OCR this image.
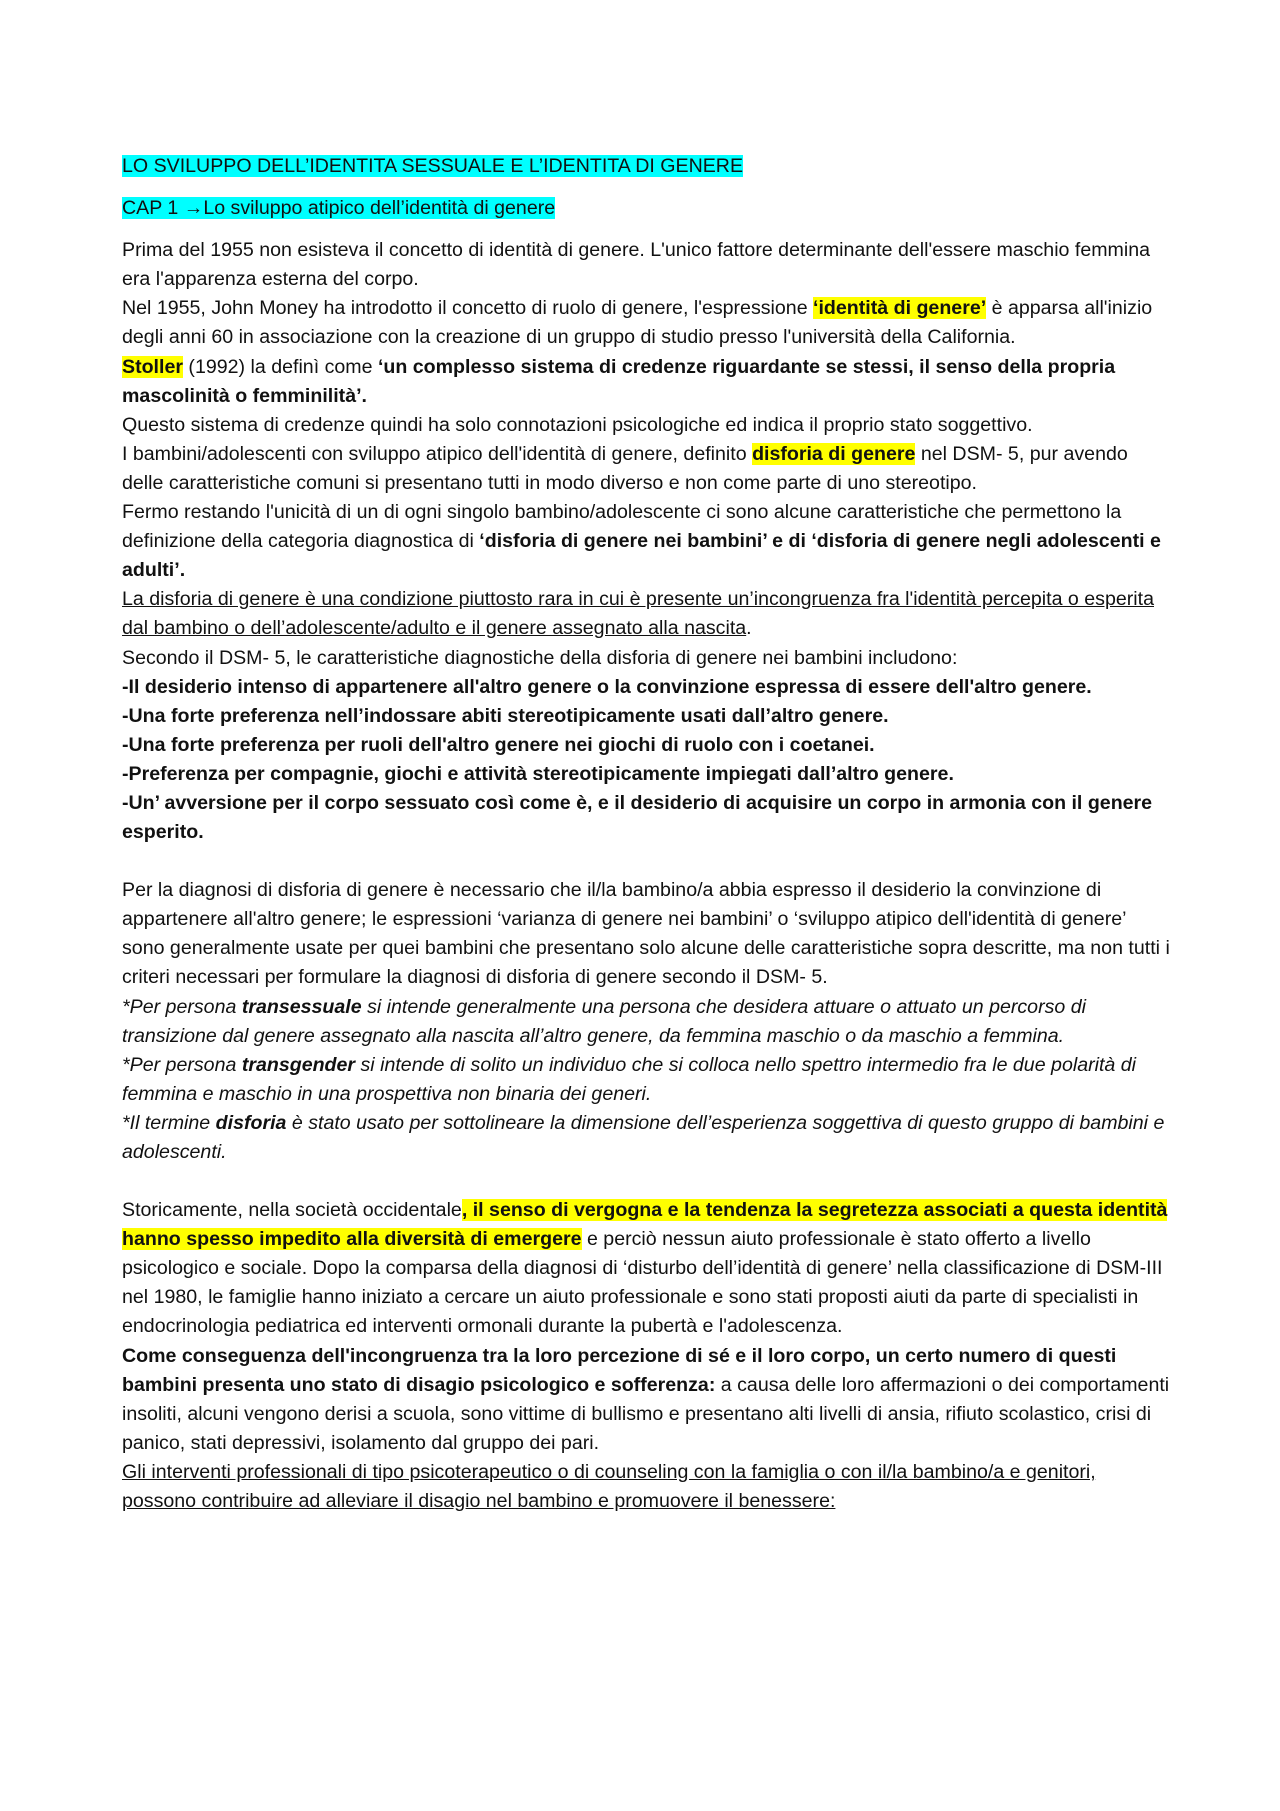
LO SVILUPPO DELL’IDENTITA SESSUALE E L’IDENTITA DI GENERE

CAP 1 →Lo sviluppo atipico dell’identità di genere

Prima del 1955 non esisteva il concetto di identità di genere. L'unico fattore determinante dell'essere maschio femmina era l'apparenza esterna del corpo.

Nel 1955, John Money ha introdotto il concetto di ruolo di genere, l'espressione ‘identità di genere’ è apparsa all'inizio degli anni 60 in associazione con la creazione di un gruppo di studio presso l'università della California.

Stoller (1992) la definì come ‘un complesso sistema di credenze riguardante se stessi, il senso della propria mascolinità o femminilità’.

Questo sistema di credenze quindi ha solo connotazioni psicologiche ed indica il proprio stato soggettivo.

I bambini/adolescenti con sviluppo atipico dell'identità di genere, definito disforia di genere nel DSM- 5, pur avendo delle caratteristiche comuni si presentano tutti in modo diverso e non come parte di uno stereotipo.

Fermo restando l'unicità di un di ogni singolo bambino/adolescente ci sono alcune caratteristiche che permettono la definizione della categoria diagnostica di ‘disforia di genere nei bambini’ e di ‘disforia di genere negli adolescenti e adulti’.

La disforia di genere è una condizione piuttosto rara in cui è presente un’incongruenza fra l'identità percepita o esperita dal bambino o dell’adolescente/adulto e il genere assegnato alla nascita.

Secondo il DSM- 5, le caratteristiche diagnostiche della disforia di genere nei bambini includono:

-Il desiderio intenso di appartenere all'altro genere o la convinzione espressa di essere dell'altro genere.

-Una forte preferenza nell’indossare abiti stereotipicamente usati dall’altro genere.

-Una forte preferenza per ruoli dell'altro genere nei giochi di ruolo con i coetanei.

-Preferenza per compagnie, giochi e attività stereotipicamente impiegati dall’altro genere.

-Un’ avversione per il corpo sessuato così come è, e il desiderio di acquisire un corpo in armonia con il genere esperito.

Per la diagnosi di disforia di genere è necessario che il/la bambino/a abbia espresso il desiderio la convinzione di appartenere all'altro genere; le espressioni ‘varianza di genere nei bambini’ o ‘sviluppo atipico dell'identità di genere’ sono generalmente usate per quei bambini che presentano solo alcune delle caratteristiche sopra descritte, ma non tutti i criteri necessari per formulare la diagnosi di disforia di genere secondo il DSM- 5.

*Per persona transessuale si intende generalmente una persona che desidera attuare o attuato un percorso di transizione dal genere assegnato alla nascita all’altro genere, da femmina maschio o da maschio a femmina.

*Per persona transgender si intende di solito un individuo che si colloca nello spettro intermedio fra le due polarità di femmina e maschio in una prospettiva non binaria dei generi.

*Il termine disforia è stato usato per sottolineare la dimensione dell’esperienza soggettiva di questo gruppo di bambini e adolescenti.

Storicamente, nella società occidentale, il senso di vergogna e la tendenza la segretezza associati a questa identità hanno spesso impedito alla diversità di emergere e perciò nessun aiuto professionale è stato offerto a livello psicologico e sociale. Dopo la comparsa della diagnosi di ‘disturbo dell’identità di genere’ nella classificazione di DSM-III nel 1980, le famiglie hanno iniziato a cercare un aiuto professionale e sono stati proposti aiuti da parte di specialisti in endocrinologia pediatrica ed interventi ormonali durante la pubertà e l'adolescenza.

Come conseguenza dell'incongruenza tra la loro percezione di sé e il loro corpo, un certo numero di questi bambini presenta uno stato di disagio psicologico e sofferenza: a causa delle loro affermazioni o dei comportamenti insoliti, alcuni vengono derisi a scuola, sono vittime di bullismo e presentano alti livelli di ansia, rifiuto scolastico, crisi di panico, stati depressivi, isolamento dal gruppo dei pari.

Gli interventi professionali di tipo psicoterapeutico o di counseling con la famiglia o con il/la bambino/a e genitori, possono contribuire ad alleviare il disagio nel bambino e promuovere il benessere:
